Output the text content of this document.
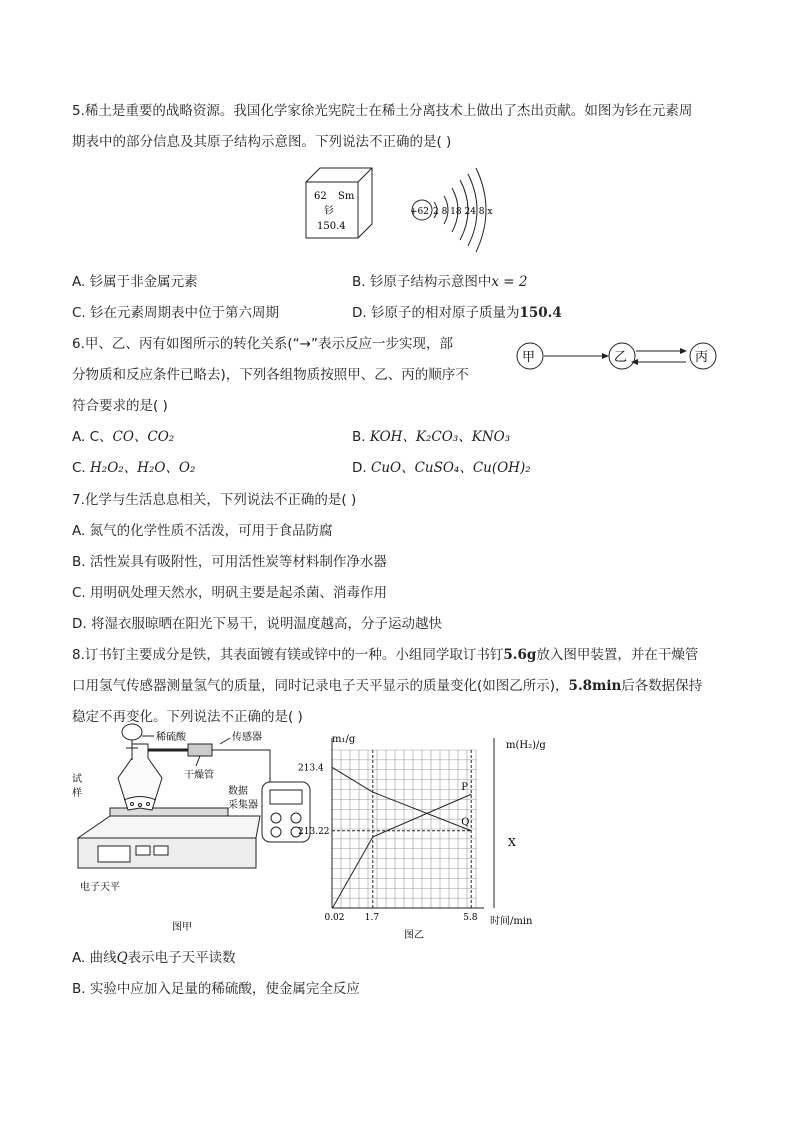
5.稀土是重要的战略资源。我国化学家徐光宪院士在稀土分离技术上做出了杰出贡献。如图为钐在元素周
期表中的部分信息及其原子结构示意图。下列说法不正确的是( )
62 Sm
钐
150.4
+62 2 8 18 24 8 x
A. 钐属于非金属元素	B. 钐原子结构示意图中x = 2
C. 钐在元素周期表中位于第六周期	D. 钐原子的相对原子质量为150.4
6.甲、乙、丙有如图所示的转化关系(“→”表示反应一步实现，部
分物质和反应条件已略去)，下列各组物质按照甲、乙、丙的顺序不
符合要求的是( )
甲	乙	丙
A. C、CO、CO₂	B. KOH、K₂CO₃、KNO₃
C. H₂O₂、H₂O、O₂	D. CuO、CuSO₄、Cu(OH)₂
7.化学与生活息息相关，下列说法不正确的是( )
A. 氮气的化学性质不活泼，可用于食品防腐
B. 活性炭具有吸附性，可用活性炭等材料制作净水器
C. 用明矾处理天然水，明矾主要是起杀菌、消毒作用
D. 将湿衣服晾晒在阳光下易干，说明温度越高，分子运动越快
8.订书钉主要成分是铁，其表面镀有镁或锌中的一种。小组同学取订书钉5.6g放入图甲装置，并在干燥管
口用氢气传感器测量氢气的质量，同时记录电子天平显示的质量变化(如图乙所示)，5.8min后各数据保持
稳定不再变化。下列说法不正确的是( )
稀硫酸	传感器
干燥管
数据
采集器
试
样
电子天平
图甲
0.02 1.7	5.8
213.4
213.22
Q
P
m₁/g
m(H₂)/g
时间/min
图乙
X
A. 曲线Q表示电子天平读数
B. 实验中应加入足量的稀硫酸，使金属完全反应
